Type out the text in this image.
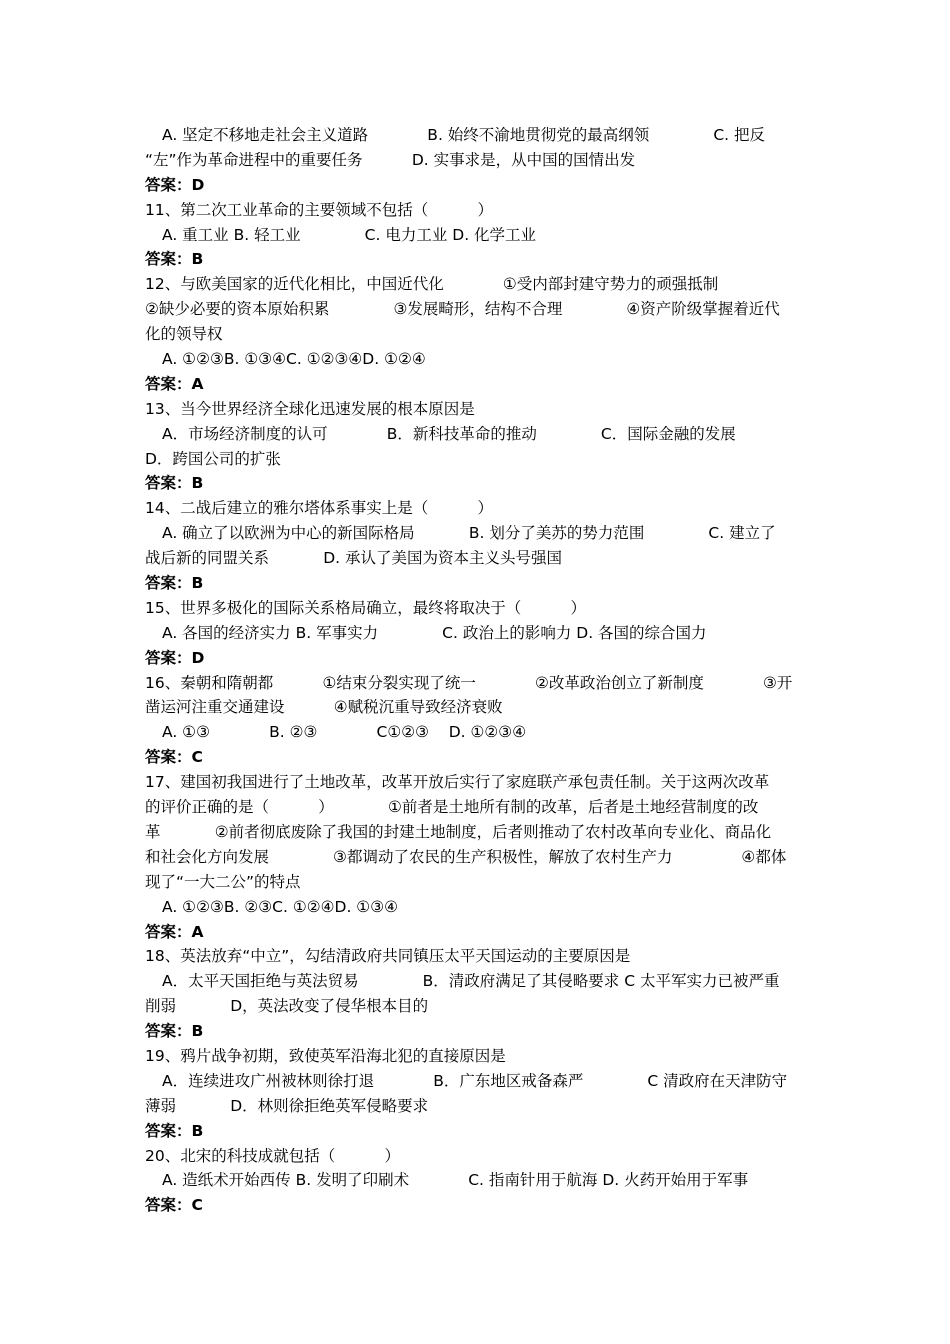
A. 坚定不移地走社会主义道路            B. 始终不渝地贯彻党的最高纲领             C. 把反
“左”作为革命进程中的重要任务          D. 实事求是，从中国的国情出发
答案：D
11、第二次工业革命的主要领域不包括（          ）
A. 重工业 B. 轻工业             C. 电力工业 D. 化学工业
答案：B
12、与欧美国家的近代化相比，中国近代化            ①受内部封建守势力的顽强抵制
②缺少必要的资本原始积累             ③发展畸形，结构不合理             ④资产阶级掌握着近代
化的领导权
A. ①②③B. ①③④C. ①②③④D. ①②④
答案：A
13、当今世界经济全球化迅速发展的根本原因是
A．市场经济制度的认可            B．新科技革命的推动             C．国际金融的发展
D．跨国公司的扩张
答案：B
14、二战后建立的雅尔塔体系事实上是（          ）
A. 确立了以欧洲为中心的新国际格局           B. 划分了美苏的势力范围             C. 建立了
战后新的同盟关系           D. 承认了美国为资本主义头号强国
答案：B
15、世界多极化的国际关系格局确立，最终将取决于（          ）
A. 各国的经济实力 B. 军事实力             C. 政治上的影响力 D. 各国的综合国力
答案：D
16、秦朝和隋朝都          ①结束分裂实现了统一            ②改革政治创立了新制度            ③开
凿运河注重交通建设          ④赋税沉重导致经济衰败
A. ①③            B. ②③            C①②③    D. ①②③④
答案：C
17、建国初我国进行了土地改革，改革开放后实行了家庭联产承包责任制。关于这两次改革
的评价正确的是（          ）           ①前者是土地所有制的改革，后者是土地经营制度的改
革           ②前者彻底废除了我国的封建土地制度，后者则推动了农村改革向专业化、商品化
和社会化方向发展             ③都调动了农民的生产积极性，解放了农村生产力              ④都体
现了“一大二公”的特点
A. ①②③B. ②③C. ①②④D. ①③④
答案：A
18、英法放弃“中立”，勾结清政府共同镇压太平天国运动的主要原因是
A．太平天国拒绝与英法贸易             B．清政府满足了其侵略要求 C 太平军实力已被严重
削弱           D，英法改变了侵华根本目的
答案：B
19、鸦片战争初期，致使英军沿海北犯的直接原因是
A．连续进攻广州被林则徐打退            B．广东地区戒备森严             C 清政府在天津防守
薄弱           D．林则徐拒绝英军侵略要求
答案：B
20、北宋的科技成就包括（          ）
A. 造纸术开始西传 B. 发明了印刷术            C. 指南针用于航海 D. 火药开始用于军事
答案：C
